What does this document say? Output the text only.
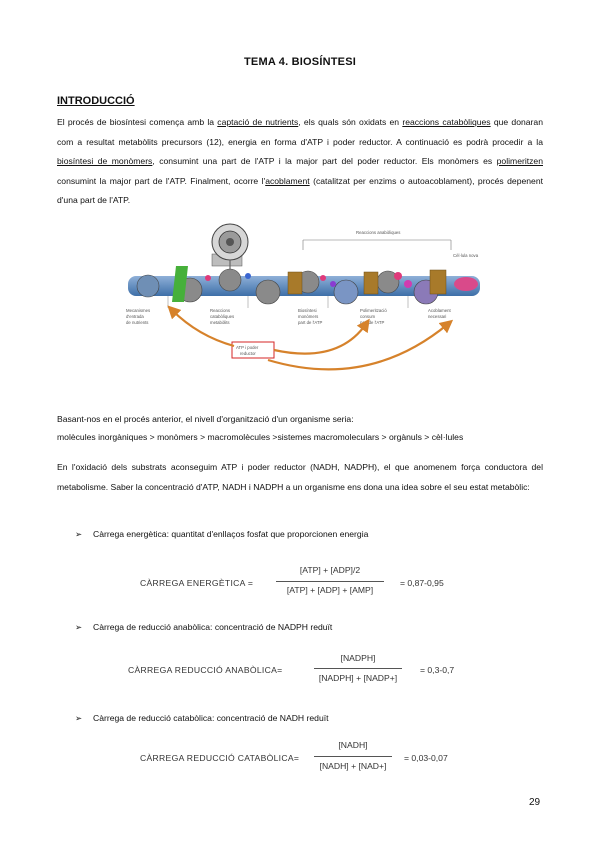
TEMA 4. BIOSÍNTESI
INTRODUCCIÓ
El procés de biosíntesi comença amb la captació de nutrients, els quals són oxidats en reaccions catabòliques que donaran com a resultat metabòlits precursors (12), energia en forma d'ATP i poder reductor. A continuació es podrà procedir a la biosíntesi de monòmers, consumint una part de l'ATP i la major part del poder reductor. Els monòmers es polimeritzen consumint la major part de l'ATP. Finalment, ocorre l'acoblament (catalitzat per enzims o autoacoblament), procés depenent d'una part de l'ATP.
Reaccions anabòliques
Cèl·lula nova
Mecanismes
d'entrada
de nutrients
Reaccions
catabòliques
metabòlits
Biosíntesi
monòmers
part de l'ATP
Polimerització
consum
part de l'ATP
Acoblament
necessari
ATP i poder
reductor
Basant-nos en el procés anterior, el nivell d'organització d'un organisme seria:
molècules inorgàniques > monòmers > macromolècules >sistemes macromoleculars > orgànuls > cèl·lules
En l'oxidació dels substrats aconseguim ATP i poder reductor (NADH, NADPH), el que anomenem força conductora del metabolisme. Saber la concentració d'ATP, NADH i NADPH a un organisme ens dona una idea sobre el seu estat metabòlic:
➢ Càrrega energètica: quantitat d'enllaços fosfat que proporcionen energia
CÀRREGA ENERGÈTICA =
[ATP] + [ADP]/2
[ATP] + [ADP] + [AMP]
= 0,87-0,95
➢ Càrrega de reducció anabòlica: concentració de NADPH reduït
CÀRREGA REDUCCIÓ ANABÒLICA=
[NADPH]
[NADPH] + [NADP+]
= 0,3-0,7
➢ Càrrega de reducció catabòlica: concentració de NADH reduït
CÀRREGA REDUCCIÓ CATABÒLICA=
[NADH]
[NADH] + [NAD+]
= 0,03-0,07
29
